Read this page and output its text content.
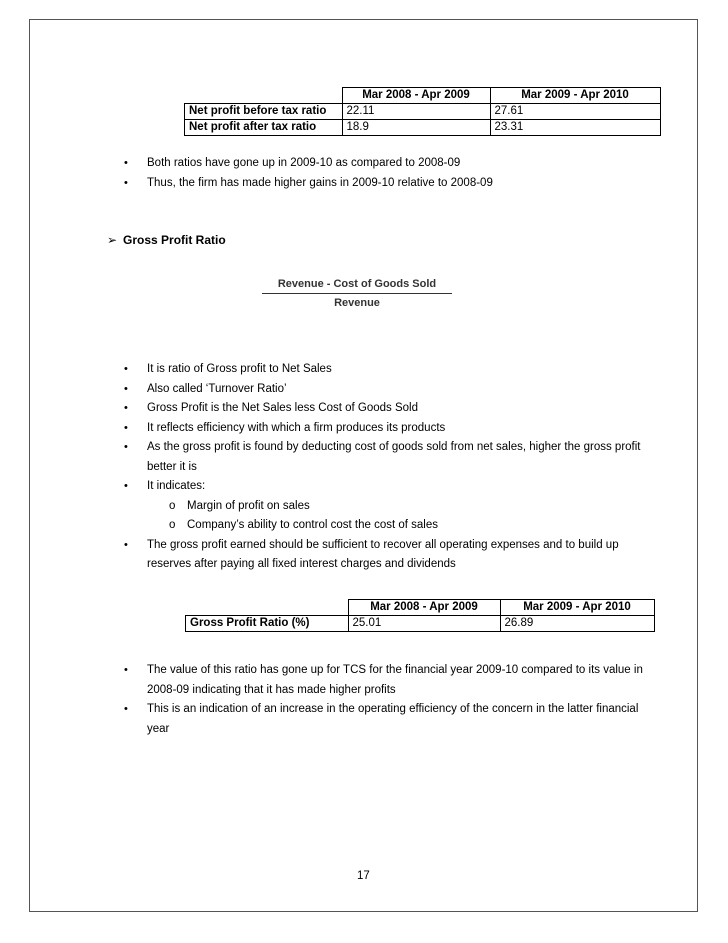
	Mar 2008 - Apr 2009	Mar 2009 - Apr 2010
Net profit before tax ratio	22.11	27.61
Net profit after tax ratio	18.9	23.31
• Both ratios have gone up in 2009-10 as compared to 2008-09
• Thus, the firm has made higher gains in 2009-10 relative to 2008-09
➢ Gross Profit Ratio
Revenue - Cost of Goods Sold
Revenue
• It is ratio of Gross profit to Net Sales
• Also called ‘Turnover Ratio’
• Gross Profit is the Net Sales less Cost of Goods Sold
• It reflects efficiency with which a firm produces its products
• As the gross profit is found by deducting cost of goods sold from net sales, higher the gross profit better it is
• It indicates:
o Margin of profit on sales
o Company’s ability to control cost the cost of sales
• The gross profit earned should be sufficient to recover all operating expenses and to build up reserves after paying all fixed interest charges and dividends
	Mar 2008 - Apr 2009	Mar 2009 - Apr 2010
Gross Profit Ratio (%)	25.01	26.89
• The value of this ratio has gone up for TCS for the financial year 2009-10 compared to its value in 2008-09 indicating that it has made higher profits
• This is an indication of an increase in the operating efficiency of the concern in the latter financial year
17
